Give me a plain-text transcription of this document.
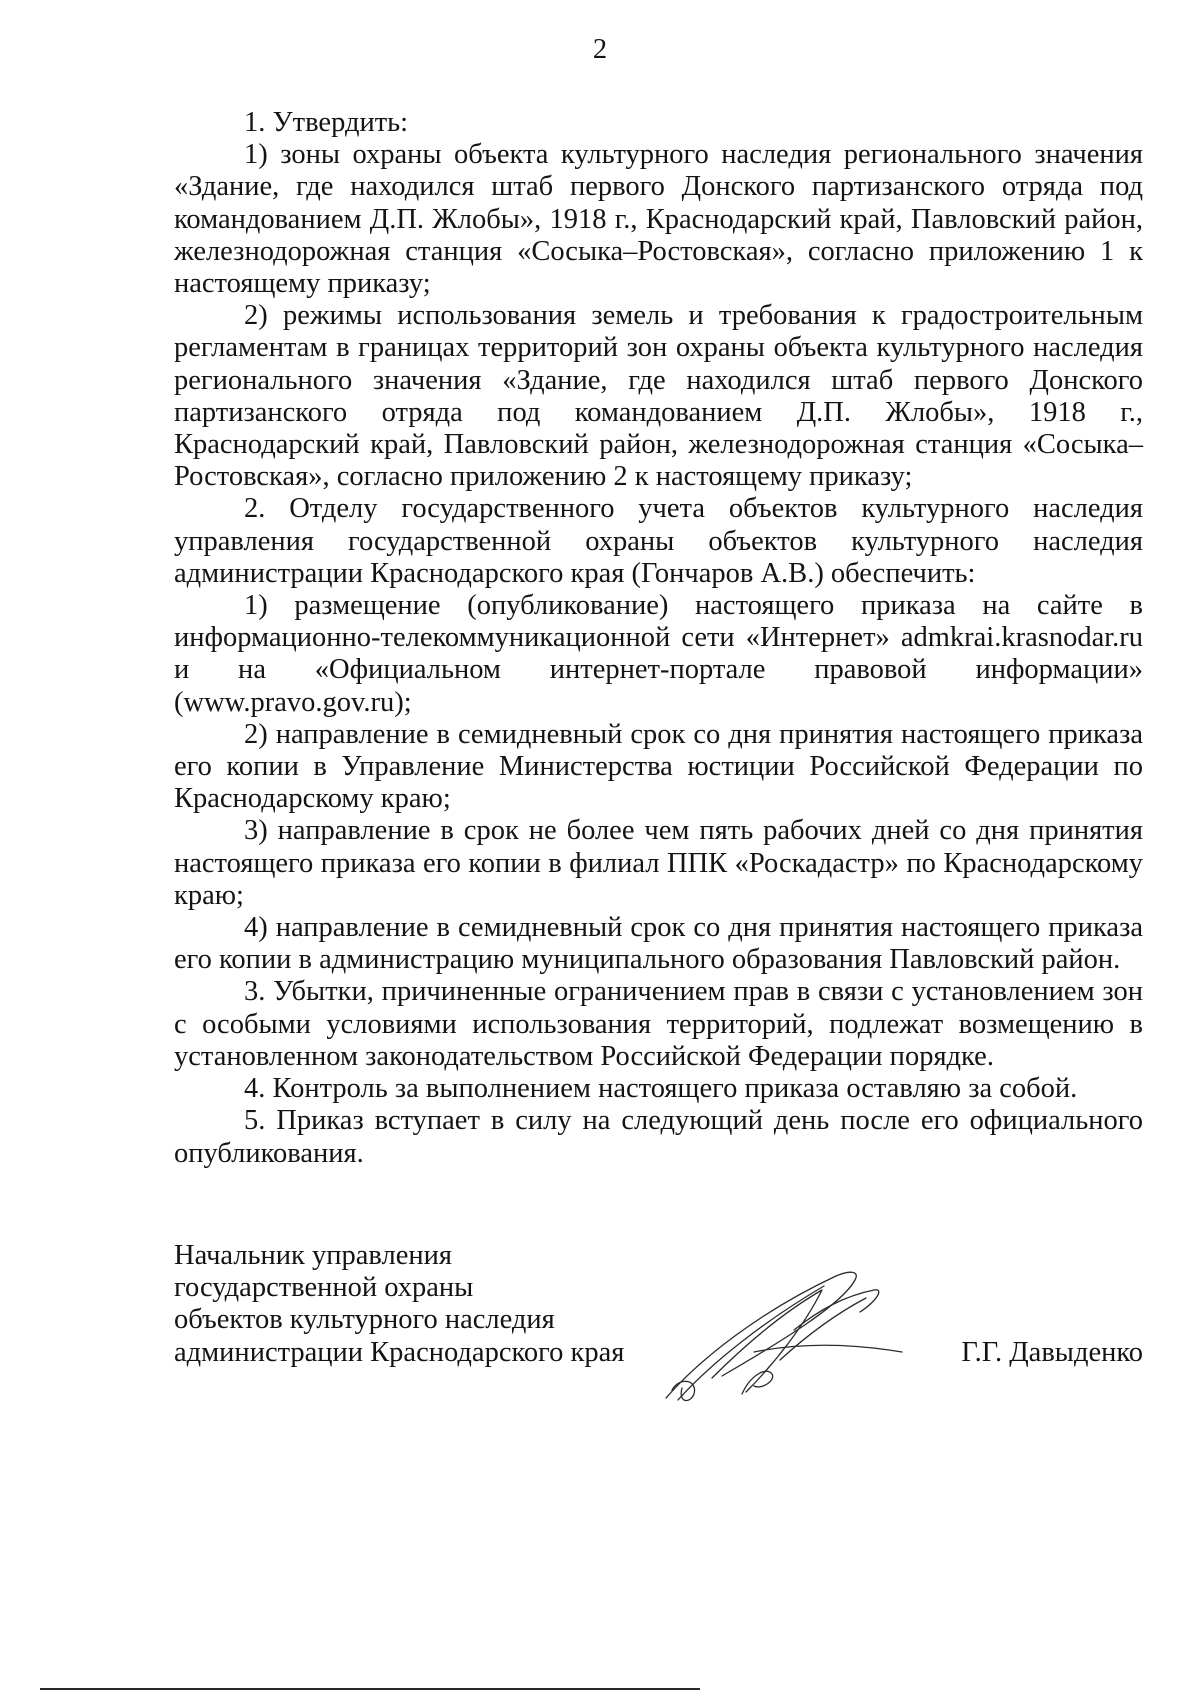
2

1. Утвердить:

1) зоны охраны объекта культурного наследия регионального значения «Здание, где находился штаб первого Донского партизанского отряда под командованием Д.П. Жлобы», 1918 г., Краснодарский край, Павловский район, железнодорожная станция «Сосыка–Ростовская», согласно приложению 1 к настоящему приказу;

2) режимы использования земель и требования к градостроительным регламентам в границах территорий зон охраны объекта культурного наследия регионального значения «Здание, где находился штаб первого Донского партизанского отряда под командованием Д.П. Жлобы», 1918 г., Краснодарский край, Павловский район, железнодорожная станция «Сосыка–Ростовская», согласно приложению 2 к настоящему приказу;

2. Отделу государственного учета объектов культурного наследия управления государственной охраны объектов культурного наследия администрации Краснодарского края (Гончаров А.В.) обеспечить:

1) размещение (опубликование) настоящего приказа на сайте в информационно-телекоммуникационной сети «Интернет» admkrai.krasnodar.ru и на «Официальном интернет-портале правовой информации» (www.pravo.gov.ru);

2) направление в семидневный срок со дня принятия настоящего приказа его копии в Управление Министерства юстиции Российской Федерации по Краснодарскому краю;

3) направление в срок не более чем пять рабочих дней со дня принятия настоящего приказа его копии в филиал ППК «Роскадастр» по Краснодарскому краю;

4) направление в семидневный срок со дня принятия настоящего приказа его копии в администрацию муниципального образования Павловский район.

3. Убытки, причиненные ограничением прав в связи с установлением зон с особыми условиями использования территорий, подлежат возмещению в установленном законодательством Российской Федерации порядке.

4. Контроль за выполнением настоящего приказа оставляю за собой.

5. Приказ вступает в силу на следующий день после его официального опубликования.

Начальник управления
государственной охраны
объектов культурного наследия
администрации Краснодарского края	Г.Г. Давыденко
